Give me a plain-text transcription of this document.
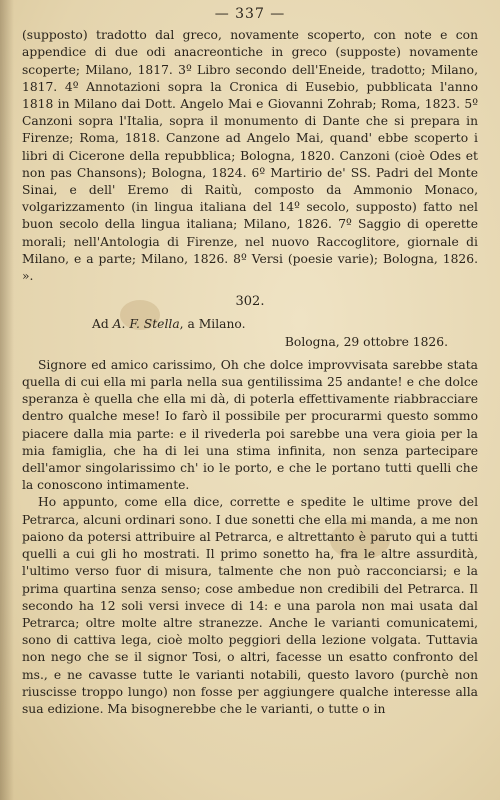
— 337 —

(supposto) tradotto dal greco, novamente scoperto, con note e con appendice di due odi anacreontiche in greco (supposte) novamente scoperte; Milano, 1817. 3º Libro secondo dell'Eneide, tradotto; Milano, 1817. 4º Annotazioni sopra la Cronica di Eusebio, pubblicata l'anno 1818 in Milano dai Dott. Angelo Mai e Giovanni Zohrab; Roma, 1823. 5º Canzoni sopra l'Italia, sopra il monumento di Dante che si prepara in Firenze; Roma, 1818. Canzone ad Angelo Mai, quand' ebbe scoperto i libri di Cicerone della repubblica; Bologna, 1820. Canzoni (cioè Odes et non pas Chansons); Bologna, 1824. 6º Martirio de' SS. Padri del Monte Sinai, e dell' Eremo di Raitù, composto da Ammonio Monaco, volgarizzamento (in lingua italiana del 14º secolo, supposto) fatto nel buon secolo della lingua italiana; Milano, 1826. 7º Saggio di operette morali; nell'Antologia di Firenze, nel nuovo Raccoglitore, giornale di Milano, e a parte; Milano, 1826. 8º Versi (poesie varie); Bologna, 1826. ».

302.

Ad A. F. Stella, a Milano.

Bologna, 29 ottobre 1826.

Signore ed amico carissimo, Oh che dolce improvvisata sarebbe stata quella di cui ella mi parla nella sua gentilissima 25 andante! e che dolce speranza è quella che ella mi dà, di poterla effettivamente riabbracciare dentro qualche mese! Io farò il possibile per procurarmi questo sommo piacere dalla mia parte: e il rivederla poi sarebbe una vera gioia per la mia famiglia, che ha di lei una stima infinita, non senza partecipare dell'amor singolarissimo ch' io le porto, e che le portano tutti quelli che la conoscono intimamente.

Ho appunto, come ella dice, corrette e spedite le ultime prove del Petrarca, alcuni ordinari sono. I due sonetti che ella mi manda, a me non paiono da potersi attribuire al Petrarca, e altrettanto è paruto qui a tutti quelli a cui gli ho mostrati. Il primo sonetto ha, fra le altre assurdità, l'ultimo verso fuor di misura, talmente che non può racconciarsi; e la prima quartina senza senso; cose ambedue non credibili del Petrarca. Il secondo ha 12 soli versi invece di 14: e una parola non mai usata dal Petrarca; oltre molte altre stranezze. Anche le varianti comunicatemi, sono di cattiva lega, cioè molto peggiori della lezione volgata. Tuttavia non nego che se il signor Tosi, o altri, facesse un esatto confronto del ms., e ne cavasse tutte le varianti notabili, questo lavoro (purchè non riuscisse troppo lungo) non fosse per aggiungere qualche interesse alla sua edizione. Ma bisognerebbe che le varianti, o tutte o in
